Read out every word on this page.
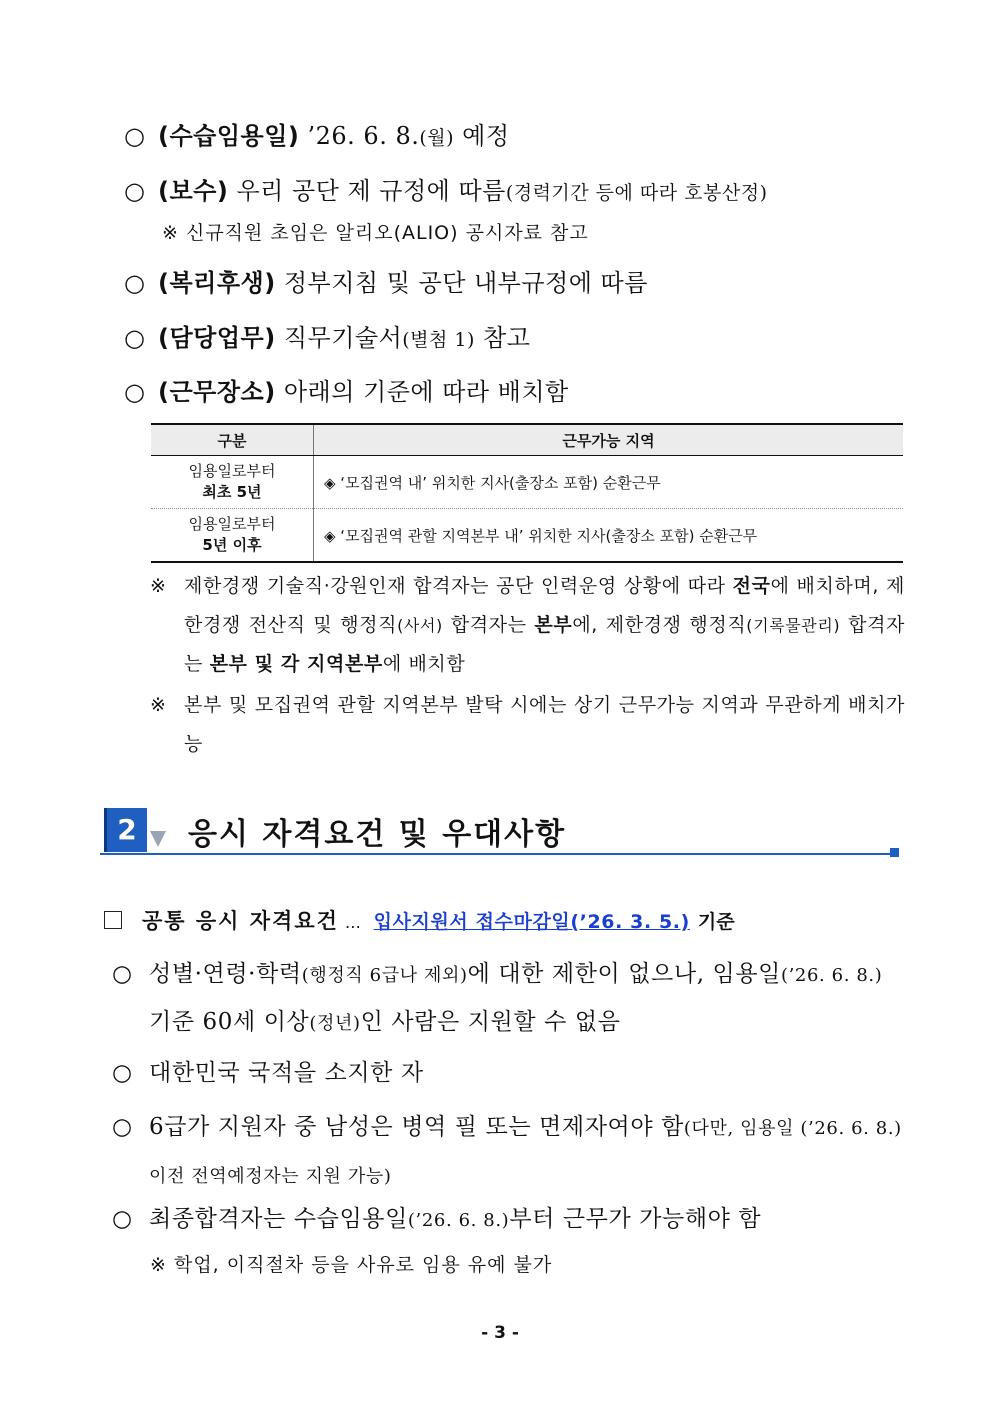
○ (수습임용일) ’26. 6. 8.(월) 예정
○ (보수) 우리 공단 제 규정에 따름(경력기간 등에 따라 호봉산정)
※ 신규직원 초임은 알리오(ALIO) 공시자료 참고
○ (복리후생) 정부지침 및 공단 내부규정에 따름
○ (담당업무) 직무기술서(별첨 1) 참고
○ (근무장소) 아래의 기준에 따라 배치함
구분	근무가능 지역
임용일로부터
최초 5년	◈ ‘모집권역 내’ 위치한 지사(출장소 포함) 순환근무
임용일로부터
5년 이후	◈ ‘모집권역 관할 지역본부 내’ 위치한 지사(출장소 포함) 순환근무
※ 제한경쟁 기술직·강원인재 합격자는 공단 인력운영 상황에 따라 전국에 배치하며, 제한경쟁 전산직 및 행정직(사서) 합격자는 본부에, 제한경쟁 행정직(기록물관리) 합격자는 본부 및 각 지역본부에 배치함
※ 본부 및 모집권역 관할 지역본부 발탁 시에는 상기 근무가능 지역과 무관하게 배치가능
2	응시 자격요건 및 우대사항
공통 응시 자격요건 … 입사지원서 접수마감일(’26. 3. 5.) 기준
○ 성별·연령·학력(행정직 6급나 제외)에 대한 제한이 없으나, 임용일(’26. 6. 8.) 기준 60세 이상(정년)인 사람은 지원할 수 없음
○ 대한민국 국적을 소지한 자
○ 6급가 지원자 중 남성은 병역 필 또는 면제자여야 함(다만, 임용일 (’26. 6. 8.) 이전 전역예정자는 지원 가능)
○ 최종합격자는 수습임용일(’26. 6. 8.)부터 근무가 가능해야 함
※ 학업, 이직절차 등을 사유로 임용 유예 불가
- 3 -
